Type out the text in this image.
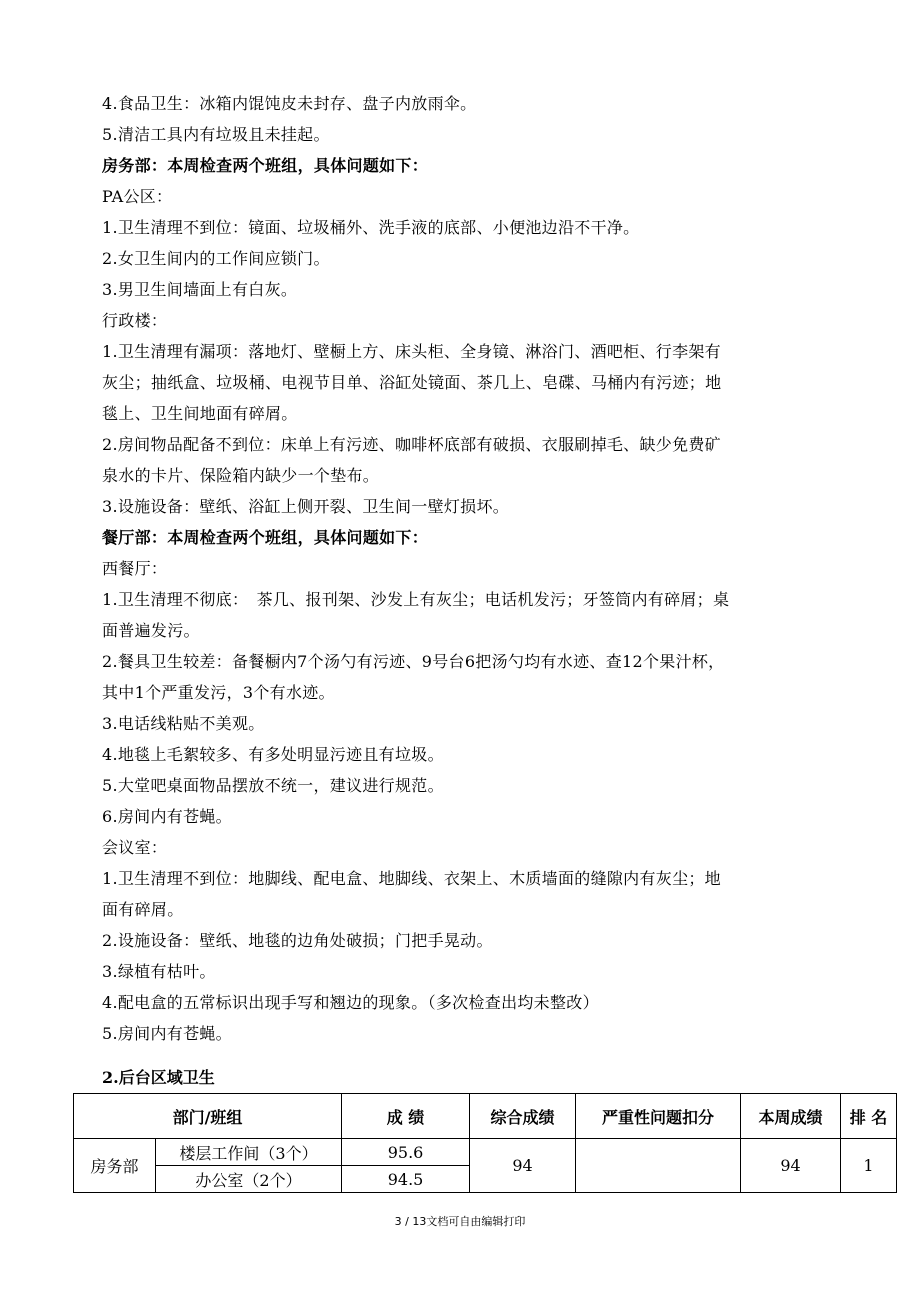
4.食品卫生：冰箱内馄饨皮未封存、盘子内放雨伞。
5.清洁工具内有垃圾且未挂起。
房务部：本周检查两个班组，具体问题如下：
PA公区：
1.卫生清理不到位：镜面、垃圾桶外、洗手液的底部、小便池边沿不干净。
2.女卫生间内的工作间应锁门。
3.男卫生间墙面上有白灰。
行政楼：
1.卫生清理有漏项：落地灯、壁橱上方、床头柜、全身镜、淋浴门、酒吧柜、行李架有
灰尘；抽纸盒、垃圾桶、电视节目单、浴缸处镜面、茶几上、皂碟、马桶内有污迹；地
毯上、卫生间地面有碎屑。
2.房间物品配备不到位：床单上有污迹、咖啡杯底部有破损、衣服刷掉毛、缺少免费矿
泉水的卡片、保险箱内缺少一个垫布。
3.设施设备：壁纸、浴缸上侧开裂、卫生间一壁灯损坏。
餐厅部：本周检查两个班组，具体问题如下：
西餐厅：
1.卫生清理不彻底：　茶几、报刊架、沙发上有灰尘；电话机发污；牙签筒内有碎屑；桌
面普遍发污。
2.餐具卫生较差：备餐橱内7个汤勺有污迹、9号台6把汤勺均有水迹、查12个果汁杯，
其中1个严重发污，3个有水迹。
3.电话线粘贴不美观。
4.地毯上毛絮较多、有多处明显污迹且有垃圾。
5.大堂吧桌面物品摆放不统一，建议进行规范。
6.房间内有苍蝇。
会议室：
1.卫生清理不到位：地脚线、配电盒、地脚线、衣架上、木质墙面的缝隙内有灰尘；地
面有碎屑。
2.设施设备：壁纸、地毯的边角处破损；门把手晃动。
3.绿植有枯叶。
4.配电盒的五常标识出现手写和翘边的现象。（多次检查出均未整改）
5.房间内有苍蝇。
2.后台区域卫生
部门/班组		成 绩	综合成绩	严重性问题扣分	本周成绩	排 名
房务部	楼层工作间（3个）	95.6	94		94	1
	办公室（2个）	94.5				
3 / 13文档可自由编辑打印
